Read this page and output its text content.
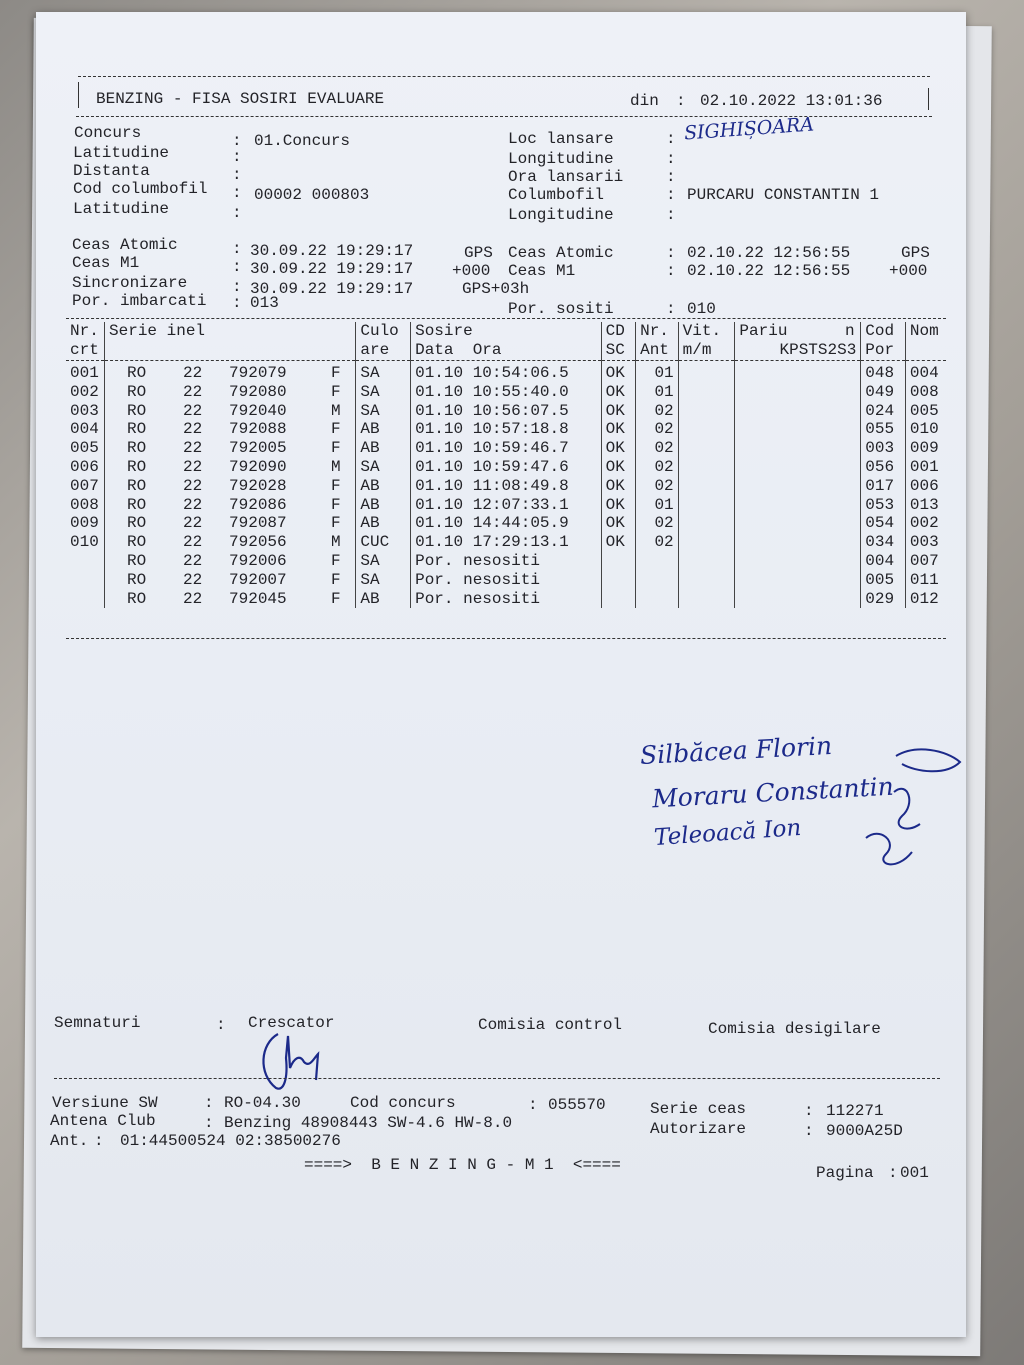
BENZING - FISA SOSIRI EVALUARE	din : 02.10.2022 13:01:36
Concurs	: 01.Concurs
Latitudine	:
Distanta	:
Cod columbofil : 00002 000803
Latitudine	:
Loc lansare	: SIGHIȘOARA
Longitudine	:
Ora lansarii	:
Columbofil	: PURCARU CONSTANTIN 1
Longitudine	:
Ceas Atomic	: 30.09.22 19:29:17	GPS
Ceas M1	: 30.09.22 19:29:17 +000
Sincronizare	: 30.09.22 19:29:17	GPS+03h
Por. imbarcati : 013
Ceas Atomic	: 02.10.22 12:56:55	GPS
Ceas M1	: 02.10.22 12:56:55 +000
Por. sositi	: 010
Nr.	Serie inel	Culo	Sosire	CD	Nr.	Vit.	Pariu      n	Cod	Nom
crt		are	Data  Ora	SC	Ant	m/m	KPSTS2S3	Por	

001	RO 22 792079 F	SA	01.10 10:54:06.5	OK	01			048	004
002	RO 22 792080 F	SA	01.10 10:55:40.0	OK	01			049	008
003	RO 22 792040 M	SA	01.10 10:56:07.5	OK	02			024	005
004	RO 22 792088 F	AB	01.10 10:57:18.8	OK	02			055	010
005	RO 22 792005 F	AB	01.10 10:59:46.7	OK	02			003	009
006	RO 22 792090 M	SA	01.10 10:59:47.6	OK	02			056	001
007	RO 22 792028 F	AB	01.10 11:08:49.8	OK	02			017	006
008	RO 22 792086 F	AB	01.10 12:07:33.1	OK	01			053	013
009	RO 22 792087 F	AB	01.10 14:44:05.9	OK	02			054	002
010	RO 22 792056 M	CUC	01.10 17:29:13.1	OK	02			034	003

	RO 22 792006 F	SA	Por. nesositi					004	007

	RO 22 792007 F	SA	Por. nesositi					005	011

	RO 22 792045 F	AB	Por. nesositi					029	012
Silbăcea Florin
Moraru Constantin
Teleoacă Ion
Semnaturi	: Crescator	Comisia control	Comisia desigilare
Versiune SW	: RO-04.30	Cod concurs	: 055570
Antena Club	: Benzing 48908443 SW-4.6 HW-8.0
Ant. : 01:44500524 02:38500276
Serie ceas	: 112271
Autorizare	: 9000A25D
====>  B E N Z I N G - M 1  <====	Pagina : 001
